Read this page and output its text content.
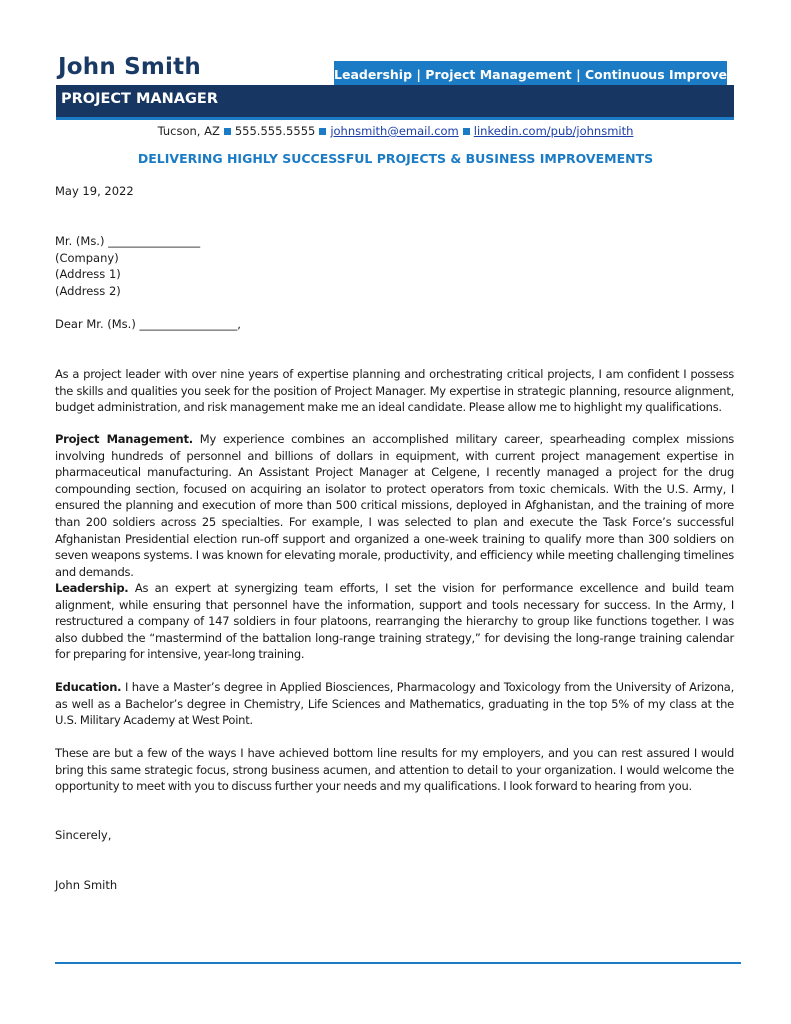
John Smith	Leadership | Project Management | Continuous Improvement
PROJECT MANAGER
Tucson, AZ 555.555.5555 johnsmith@email.com linkedin.com/pub/johnsmith
DELIVERING HIGHLY SUCCESSFUL PROJECTS & BUSINESS IMPROVEMENTS
May 19, 2022
Mr. (Ms.) ________________
(Company)
(Address 1)
(Address 2)
Dear Mr. (Ms.) _________________,
As a project leader with over nine years of expertise planning and orchestrating critical projects, I am confident I possess the skills and qualities you seek for the position of Project Manager. My expertise in strategic planning, resource alignment, budget administration, and risk management make me an ideal candidate. Please allow me to highlight my qualifications.
Project Management. My experience combines an accomplished military career, spearheading complex missions involving hundreds of personnel and billions of dollars in equipment, with current project management expertise in pharmaceutical manufacturing. An Assistant Project Manager at Celgene, I recently managed a project for the drug compounding section, focused on acquiring an isolator to protect operators from toxic chemicals. With the U.S. Army, I ensured the planning and execution of more than 500 critical missions, deployed in Afghanistan, and the training of more than 200 soldiers across 25 specialties. For example, I was selected to plan and execute the Task Force’s successful Afghanistan Presidential election run-off support and organized a one-week training to qualify more than 300 soldiers on seven weapons systems. I was known for elevating morale, productivity, and efficiency while meeting challenging timelines and demands.
Leadership. As an expert at synergizing team efforts, I set the vision for performance excellence and build team alignment, while ensuring that personnel have the information, support and tools necessary for success. In the Army, I restructured a company of 147 soldiers in four platoons, rearranging the hierarchy to group like functions together. I was also dubbed the “mastermind of the battalion long-range training strategy,” for devising the long-range training calendar for preparing for intensive, year-long training.
Education. I have a Master’s degree in Applied Biosciences, Pharmacology and Toxicology from the University of Arizona, as well as a Bachelor’s degree in Chemistry, Life Sciences and Mathematics, graduating in the top 5% of my class at the U.S. Military Academy at West Point.
These are but a few of the ways I have achieved bottom line results for my employers, and you can rest assured I would bring this same strategic focus, strong business acumen, and attention to detail to your organization. I would welcome the opportunity to meet with you to discuss further your needs and my qualifications. I look forward to hearing from you.
Sincerely,
John Smith
